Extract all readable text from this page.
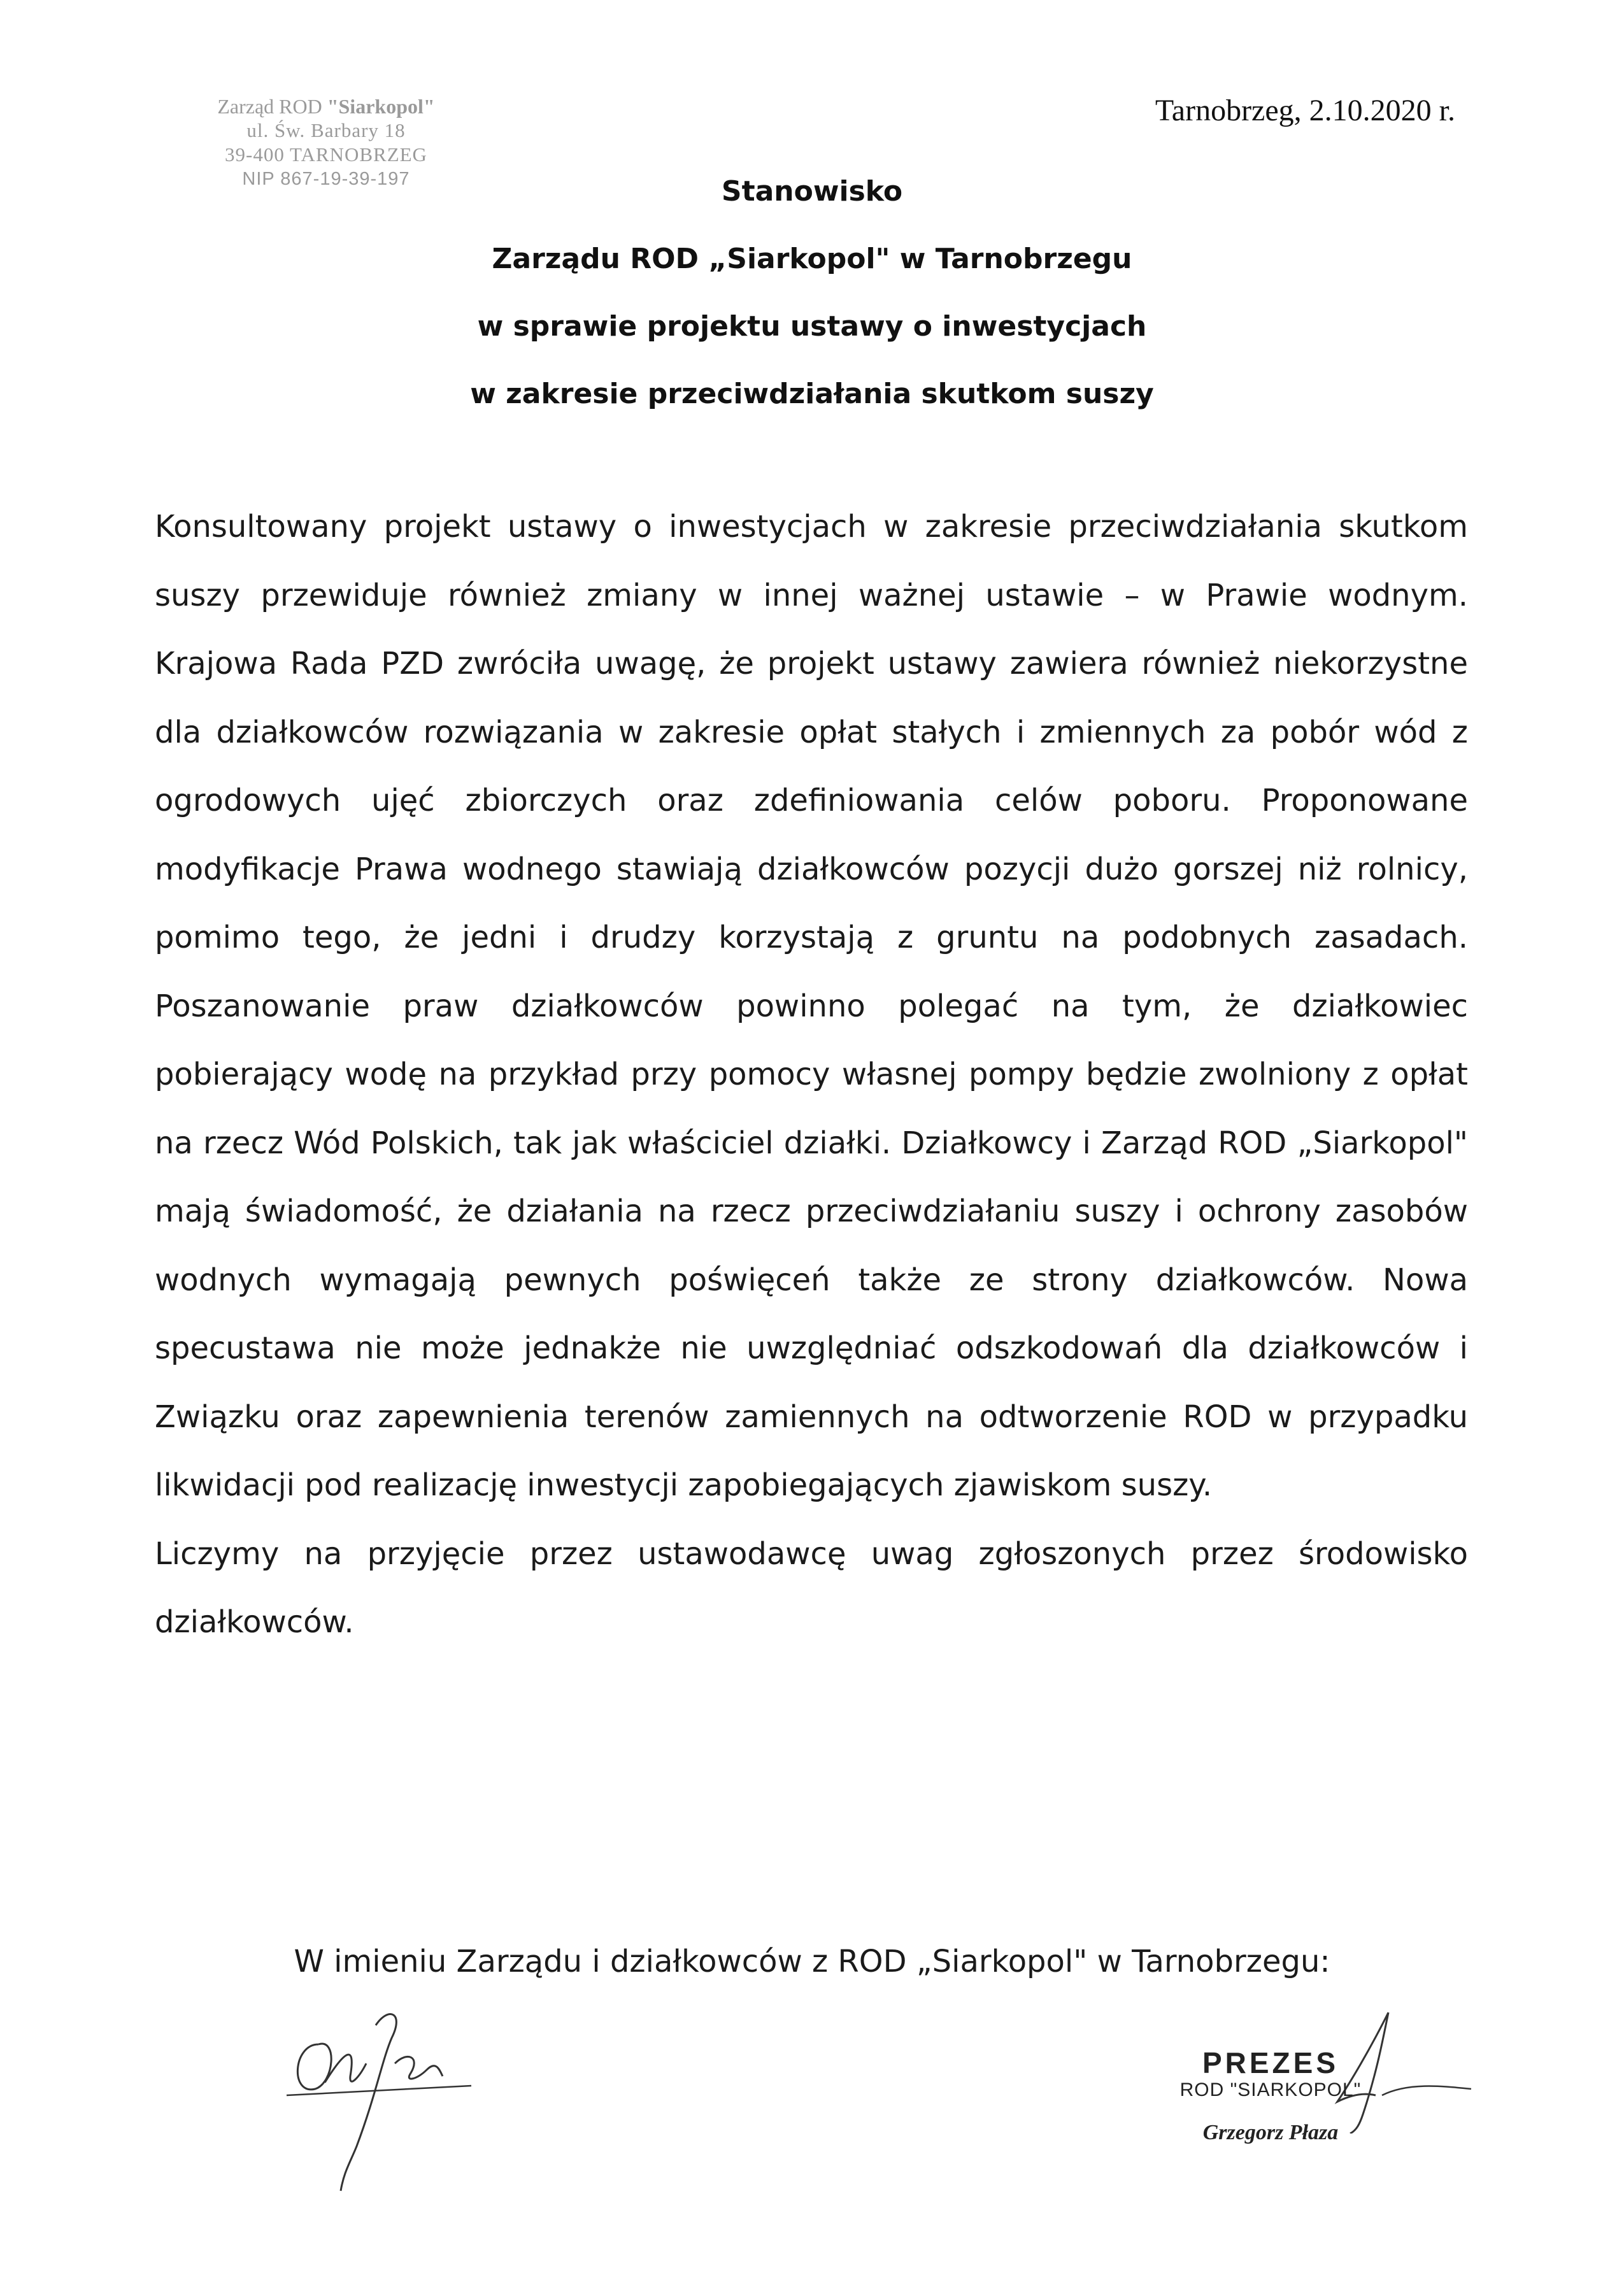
Zarząd ROD "Siarkopol"
ul. Św. Barbary 18
39-400 TARNOBRZEG
NIP 867-19-39-197
Tarnobrzeg, 2.10.2020 r.
Stanowisko
Zarządu ROD „Siarkopol" w Tarnobrzegu
w sprawie projektu ustawy o inwestycjach
w zakresie przeciwdziałania skutkom suszy

Konsultowany projekt ustawy o inwestycjach w zakresie przeciwdziałania skutkom suszy przewiduje również zmiany w innej ważnej ustawie – w Prawie wodnym. Krajowa Rada PZD zwróciła uwagę, że projekt ustawy zawiera również niekorzystne dla działkowców rozwiązania w zakresie opłat stałych i zmiennych za pobór wód z ogrodowych ujęć zbiorczych oraz zdefiniowania celów poboru. Proponowane modyfikacje Prawa wodnego stawiają działkowców pozycji dużo gorszej niż rolnicy, pomimo tego, że jedni i drudzy korzystają z gruntu na podobnych zasadach. Poszanowanie praw działkowców powinno polegać na tym, że działkowiec pobierający wodę na przykład przy pomocy własnej pompy będzie zwolniony z opłat na rzecz Wód Polskich, tak jak właściciel działki. Działkowcy i Zarząd ROD „Siarkopol" mają świadomość, że działania na rzecz przeciwdziałaniu suszy i ochrony zasobów wodnych wymagają pewnych poświęceń także ze strony działkowców. Nowa specustawa nie może jednakże nie uwzględniać odszkodowań dla działkowców i Związku oraz zapewnienia terenów zamiennych na odtworzenie ROD w przypadku likwidacji pod realizację inwestycji zapobiegających zjawiskom suszy.

Liczymy na przyjęcie przez ustawodawcę uwag zgłoszonych przez środowisko działkowców.

W imieniu Zarządu i działkowców z ROD „Siarkopol" w Tarnobrzegu:
PREZES
ROD "SIARKOPOL"
Grzegorz Płaza
